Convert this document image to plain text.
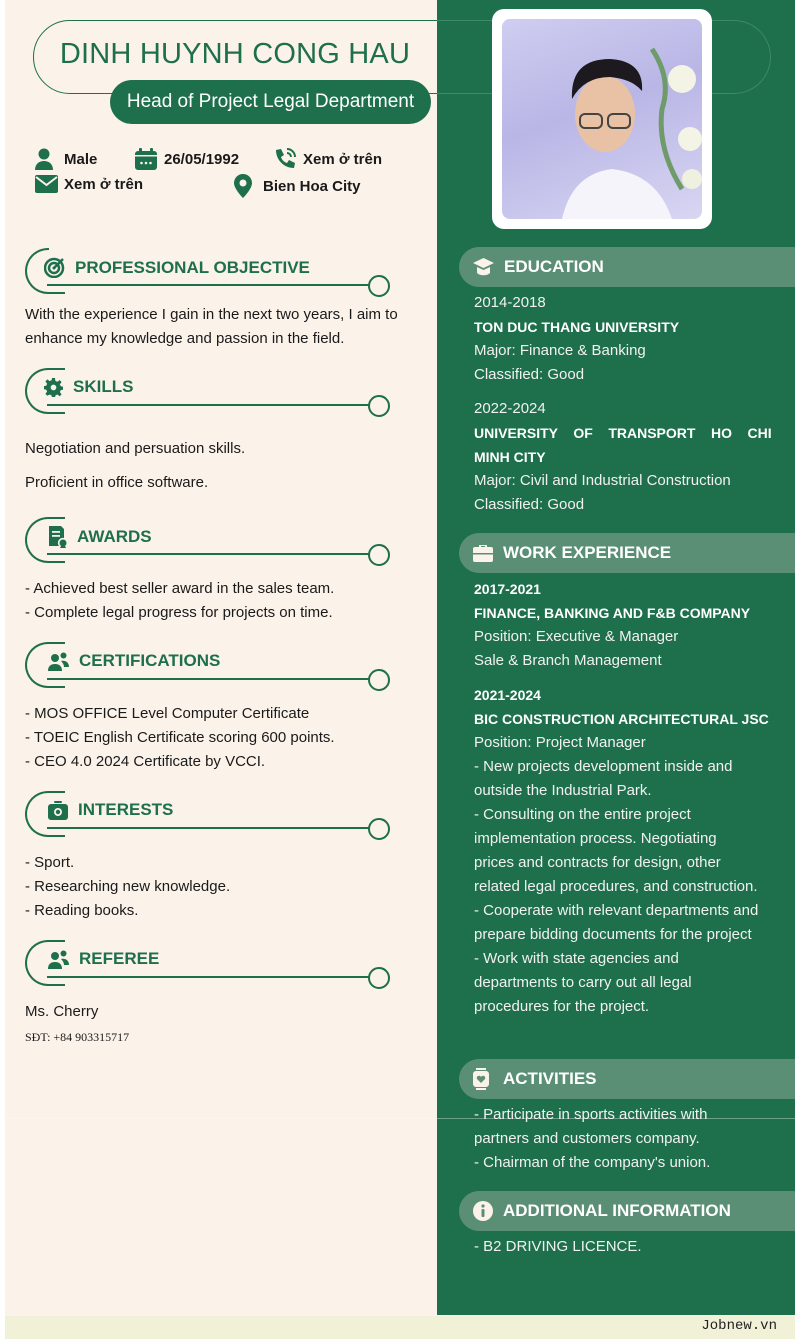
DINH HUYNH CONG HAU
Head of Project Legal Department
Male	26/05/1992	Xem ở trên
Xem ở trên	Bien Hoa City
PROFESSIONAL OBJECTIVE
With the experience I gain in the next two years, I aim to enhance my knowledge and passion in the field.
SKILLS
Negotiation and persuation skills.
Proficient in office software.
AWARDS
- Achieved best seller award in the sales team.
- Complete legal progress for projects on time.
CERTIFICATIONS
- MOS OFFICE Level Computer Certificate
- TOEIC English Certificate scoring 600 points.
- CEO 4.0 2024 Certificate by VCCI.
INTERESTS
- Sport.
- Researching new knowledge.
- Reading books.
REFEREE
Ms. Cherry
SĐT: +84 903315717
EDUCATION
2014-2018
TON DUC THANG UNIVERSITY
Major: Finance & Banking
Classified: Good
2022-2024
UNIVERSITY    OF    TRANSPORT    HO    CHI
MINH CITY
Major: Civil and Industrial Construction
Classified: Good
WORK EXPERIENCE
2017-2021
FINANCE, BANKING AND F&B COMPANY
Position: Executive & Manager
Sale & Branch Management
2021-2024
BIC CONSTRUCTION ARCHITECTURAL JSC
Position: Project Manager
- New projects development inside and
outside the Industrial Park.
- Consulting on the entire project
implementation process. Negotiating
prices and contracts for design, other
related legal procedures, and construction.
- Cooperate with relevant departments and
prepare bidding documents for the project
- Work with state agencies and
departments to carry out all legal
procedures for the project.
ACTIVITIES
- Participate in sports activities with
partners and customers company.
- Chairman of the company's union.
ADDITIONAL INFORMATION
- B2 DRIVING LICENCE.
Jobnew.vn
